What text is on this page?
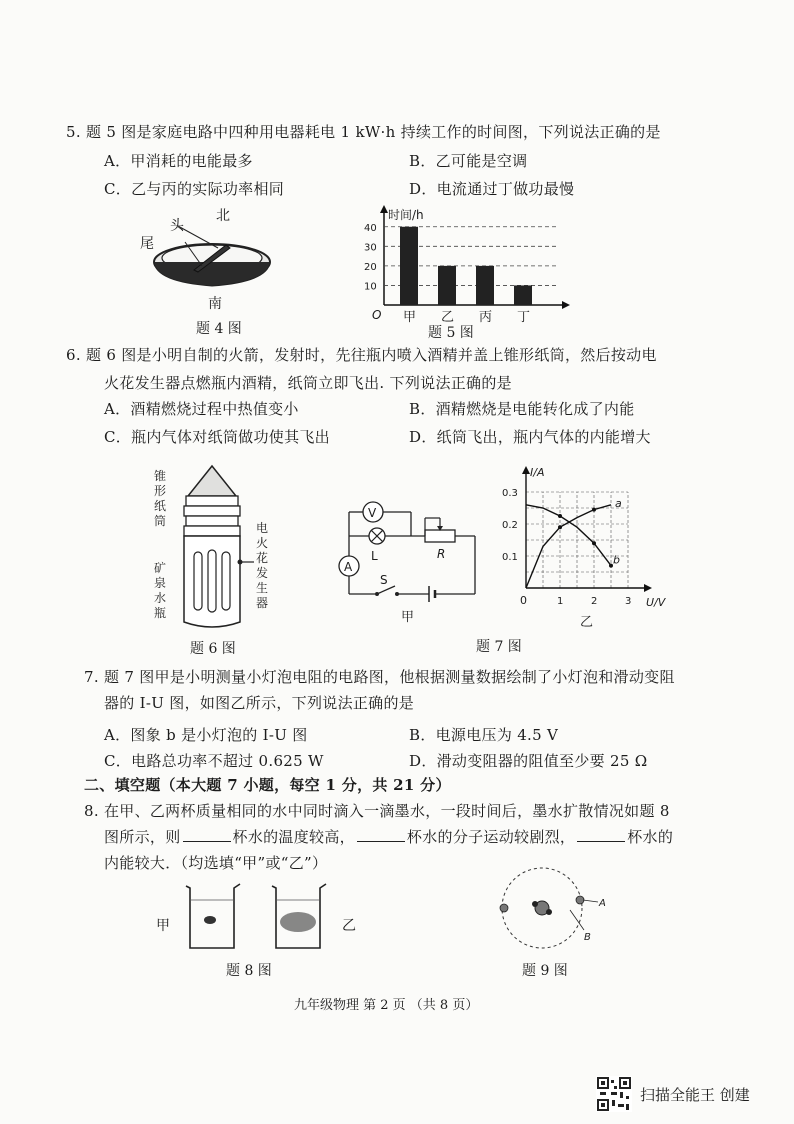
5. 题 5 图是家庭电路中四种用电器耗电 1 kW·h 持续工作的时间图，下列说法正确的是
A．甲消耗的电能最多	B．乙可能是空调
C．乙与丙的实际功率相同	D．电流通过丁做功最慢
北
头
尾
南
题 4 图
时间/h
O
10
20
30
40
甲 乙 丙 丁
题 5 图
6. 题 6 图是小明自制的火箭，发射时，先往瓶内喷入酒精并盖上锥形纸筒，然后按动电
火花发生器点燃瓶内酒精，纸筒立即飞出. 下列说法正确的是
A．酒精燃烧过程中热值变小	B．酒精燃烧是电能转化成了内能
C．瓶内气体对纸筒做功使其飞出	D．纸筒飞出，瓶内气体的内能增大
锥
形
纸
筒
矿
泉
水
瓶
电
火
花
发
生
器
题 6 图
V
L	R
A
S
甲
I/A
U/V
0	1	2	3
0.1
0.2
0.3
a
b
乙
题 7 图
7. 题 7 图甲是小明测量小灯泡电阻的电路图，他根据测量数据绘制了小灯泡和滑动变阻
器的 I-U 图，如图乙所示，下列说法正确的是
A．图象 b 是小灯泡的 I-U 图	B．电源电压为 4.5 V
C．电路总功率不超过 0.625 W	D．滑动变阻器的阻值至少要 25 Ω
二、填空题（本大题 7 小题，每空 1 分，共 21 分）
8. 在甲、乙两杯质量相同的水中同时滴入一滴墨水，一段时间后，墨水扩散情况如题 8
图所示，则	杯水的温度较高，	杯水的分子运动较剧烈，	杯水的
内能较大．（均选填“甲”或“乙”）
甲	乙
题 8 图
A
B
题 9 图
九年级物理 第 2 页 （共 8 页）
扫描全能王 创建
